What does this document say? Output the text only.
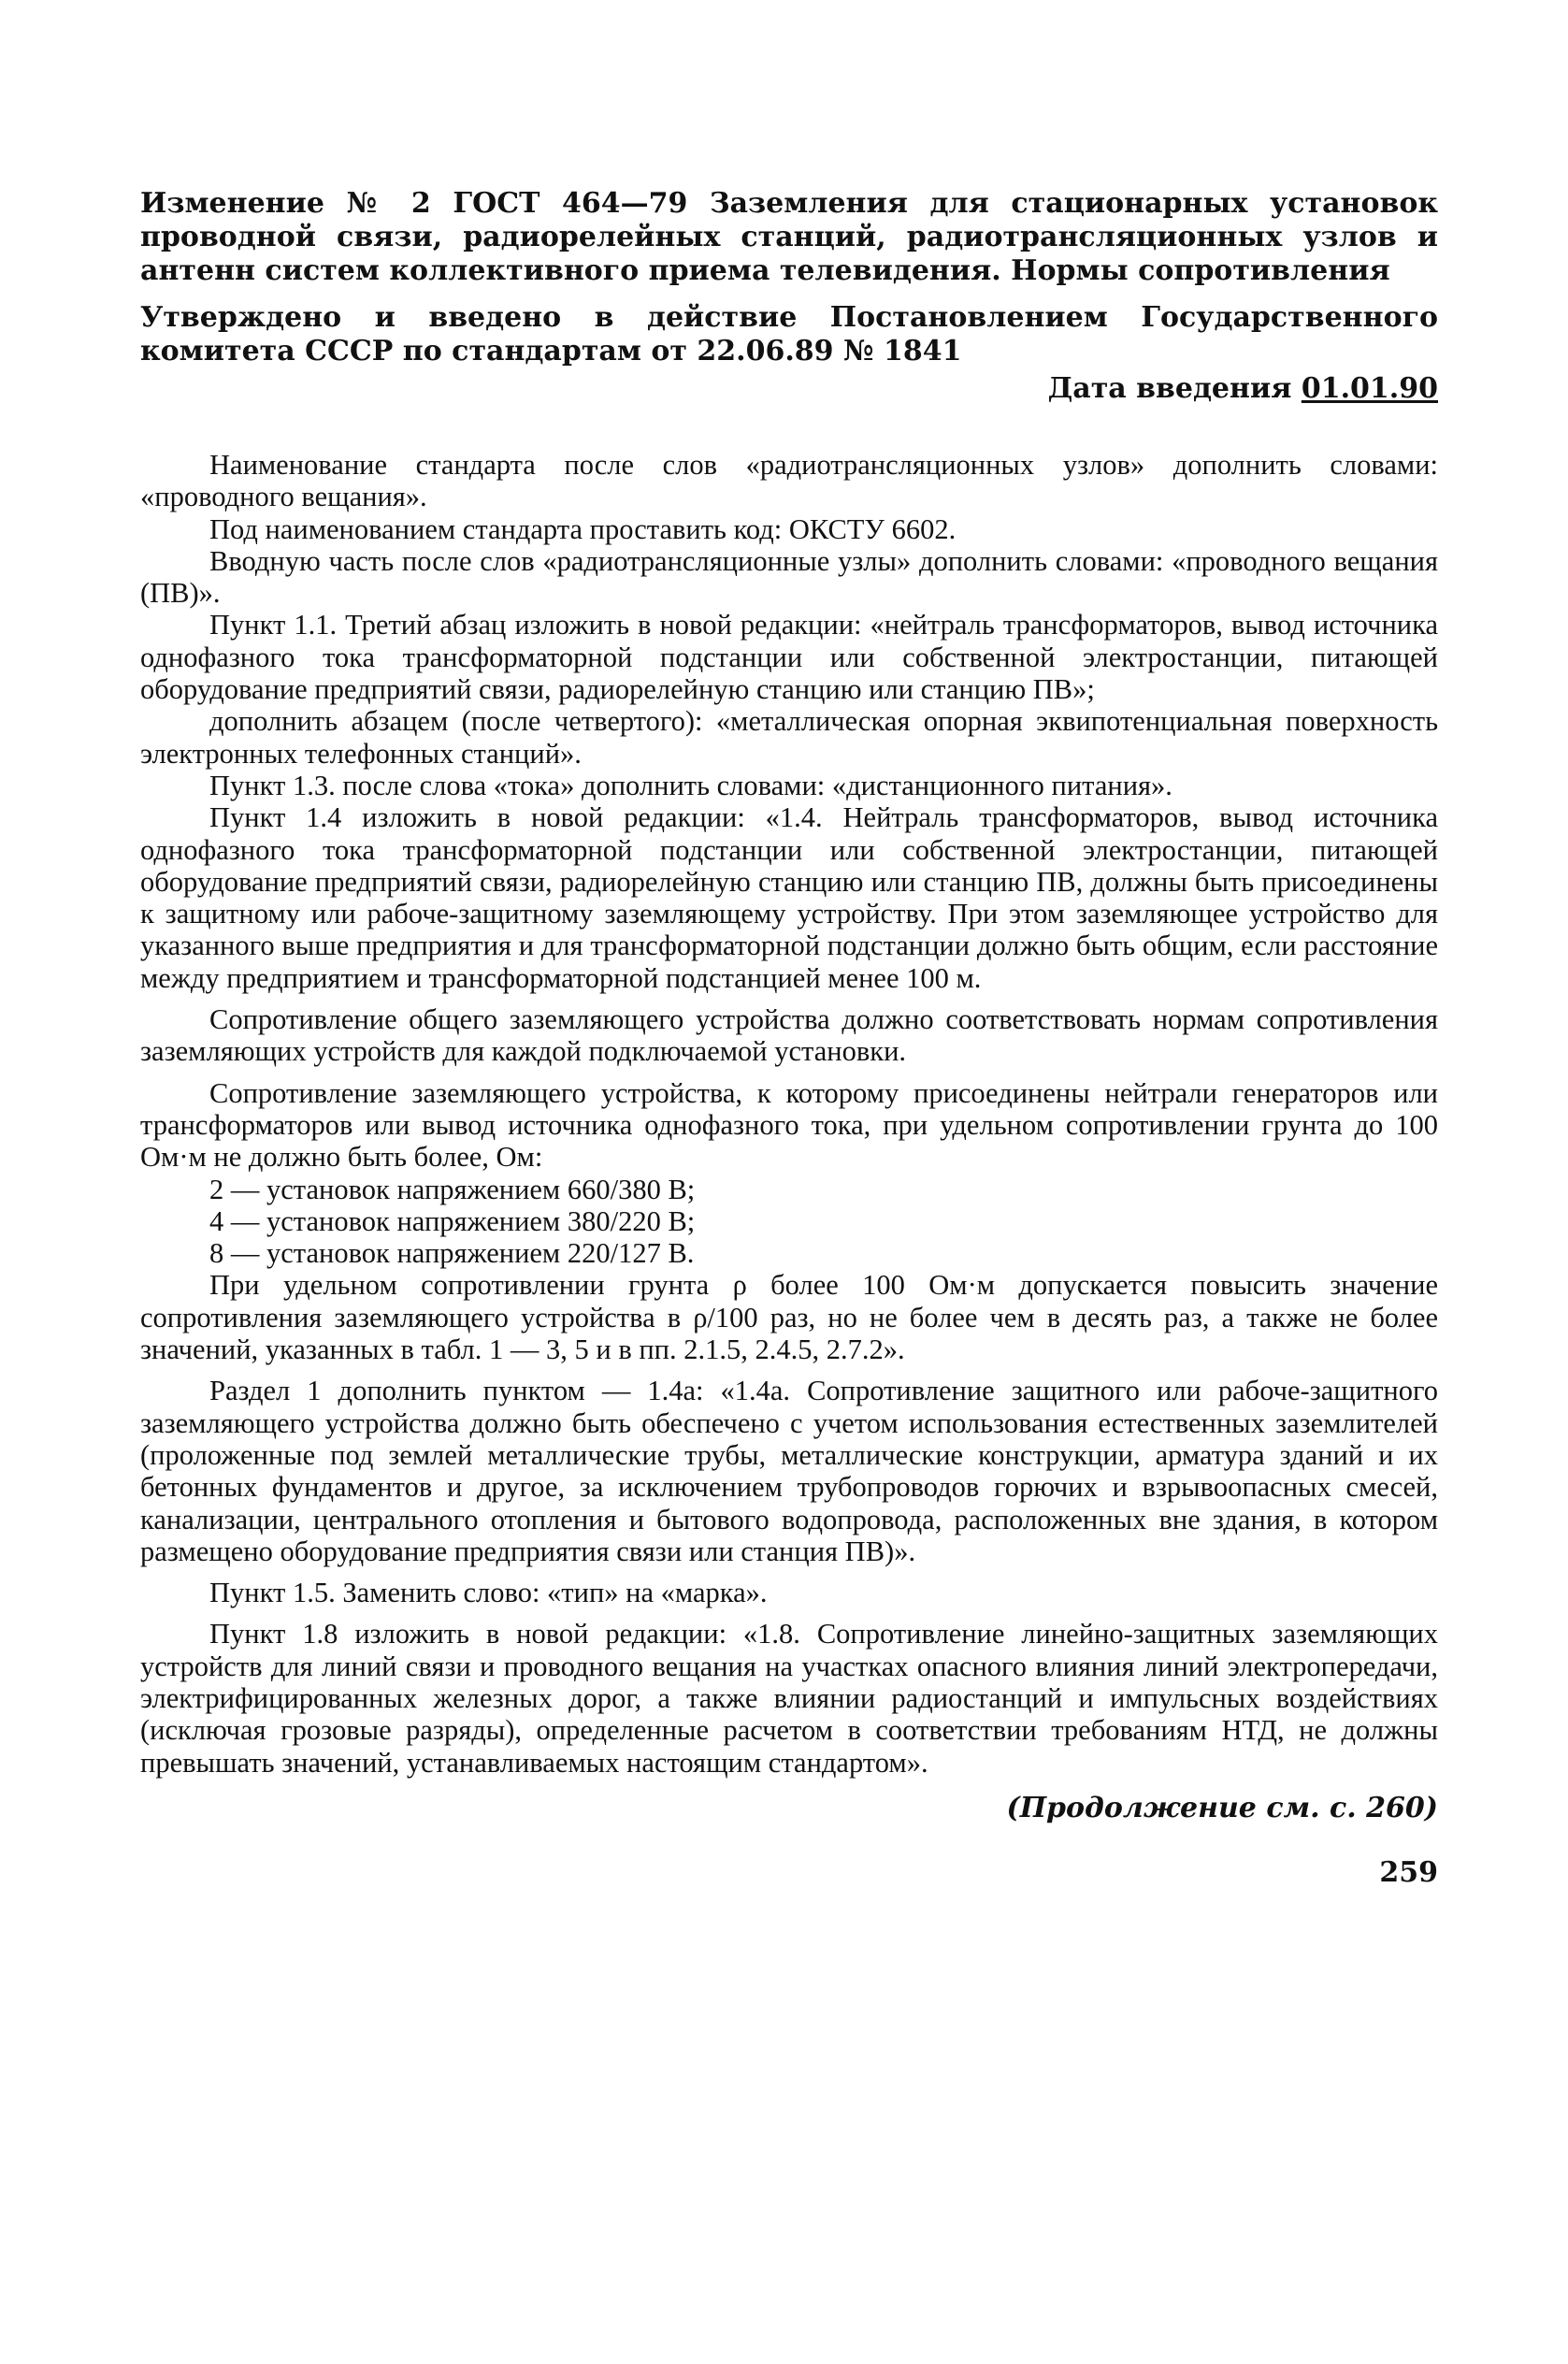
Изменение № 2 ГОСТ 464—79 Заземления для стационарных установок проводной связи, радиорелейных станций, радиотрансляционных узлов и антенн систем коллективного приема телевидения. Нормы сопротивления

Утверждено и введено в действие Постановлением Государственного комитета СССР по стандартам от 22.06.89 № 1841

Дата введения 01.01.90

Наименование стандарта после слов «радиотрансляционных узлов» дополнить словами: «проводного вещания».

Под наименованием стандарта проставить код: ОКСТУ 6602.

Вводную часть после слов «радиотрансляционные узлы» дополнить словами: «проводного вещания (ПВ)».

Пункт 1.1. Третий абзац изложить в новой редакции: «нейтраль трансформаторов, вывод источника однофазного тока трансформаторной подстанции или собственной электростанции, питающей оборудование предприятий связи, радиорелейную станцию или станцию ПВ»;

дополнить абзацем (после четвертого): «металлическая опорная эквипотенциальная поверхность электронных телефонных станций».

Пункт 1.3. после слова «тока» дополнить словами: «дистанционного питания».

Пункт 1.4 изложить в новой редакции: «1.4. Нейтраль трансформаторов, вывод источника однофазного тока трансформаторной подстанции или собственной электростанции, питающей оборудование предприятий связи, радиорелейную станцию или станцию ПВ, должны быть присоединены к защитному или рабоче-защитному заземляющему устройству. При этом заземляющее устройство для указанного выше предприятия и для трансформаторной подстанции должно быть общим, если расстояние между предприятием и трансформаторной подстанцией менее 100 м.

Сопротивление общего заземляющего устройства должно соответствовать нормам сопротивления заземляющих устройств для каждой подключаемой установки.

Сопротивление заземляющего устройства, к которому присоединены нейтрали генераторов или трансформаторов или вывод источника однофазного тока, при удельном сопротивлении грунта до 100 Ом·м не должно быть более, Ом:

2 — установок напряжением 660/380 В;

4 — установок напряжением 380/220 В;

8 — установок напряжением 220/127 В.

При удельном сопротивлении грунта ρ более 100 Ом·м допускается повысить значение сопротивления заземляющего устройства в ρ/100 раз, но не более чем в десять раз, а также не более значений, указанных в табл. 1 — 3, 5 и в пп. 2.1.5, 2.4.5, 2.7.2».

Раздел 1 дополнить пунктом — 1.4а: «1.4а. Сопротивление защитного или рабоче-защитного заземляющего устройства должно быть обеспечено с учетом использования естественных заземлителей (проложенные под землей металлические трубы, металлические конструкции, арматура зданий и их бетонных фундаментов и другое, за исключением трубопроводов горючих и взрывоопасных смесей, канализации, центрального отопления и бытового водопровода, расположенных вне здания, в котором размещено оборудование предприятия связи или станция ПВ)».

Пункт 1.5. Заменить слово: «тип» на «марка».

Пункт 1.8 изложить в новой редакции: «1.8. Сопротивление линейно-защитных заземляющих устройств для линий связи и проводного вещания на участках опасного влияния линий электропередачи, электрифицированных железных дорог, а также влиянии радиостанций и импульсных воздействиях (исключая грозовые разряды), определенные расчетом в соответствии требованиям НТД, не должны превышать значений, устанавливаемых настоящим стандартом».

(Продолжение см. с. 260)
259
